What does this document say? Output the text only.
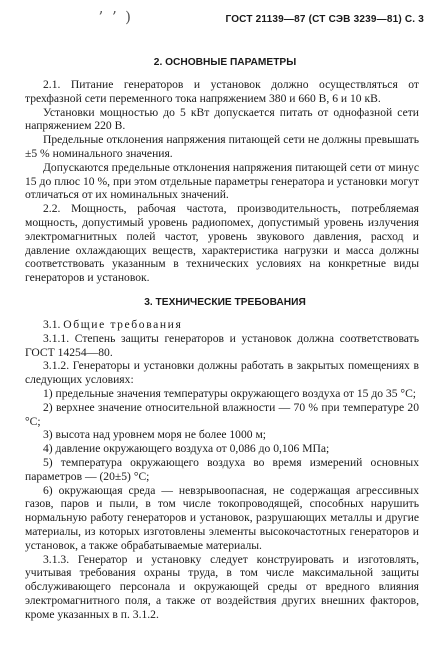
ʼ ʼ )	ГОСТ 21139—87 (СТ СЭВ 3239—81) С. 3
2. ОСНОВНЫЕ ПАРАМЕТРЫ

2.1. Питание генераторов и установок должно осуществляться от трехфазной сети переменного тока напряжением 380 и 660 В, 6 и 10 кВ.

Установки мощностью до 5 кВт допускается питать от однофазной сети напряжением 220 В.

Предельные отклонения напряжения питающей сети не должны превышать ±5 % номинального значения.

Допускаются предельные отклонения напряжения питающей сети от минус 15 до плюс 10 %, при этом отдельные параметры генератора и установки могут отличаться от их номинальных значений.

2.2. Мощность, рабочая частота, производительность, потребляемая мощность, допустимый уровень радиопомех, допустимый уровень излучения электромагнитных полей частот, уровень звукового давления, расход и давление охлаждающих веществ, характеристика нагрузки и масса должны соответствовать указанным в технических условиях на конкретные виды генераторов и установок.

3. ТЕХНИЧЕСКИЕ ТРЕБОВАНИЯ

3.1. Общие требования

3.1.1. Степень защиты генераторов и установок должна соответствовать ГОСТ 14254—80.

3.1.2. Генераторы и установки должны работать в закрытых помещениях в следующих условиях:

1) предельные значения температуры окружающего воздуха от 15 до 35 °C;

2) верхнее значение относительной влажности — 70 % при температуре 20 °C;

3) высота над уровнем моря не более 1000 м;

4) давление окружающего воздуха от 0,086 до 0,106 МПа;

5) температура окружающего воздуха во время измерений основных параметров — (20±5) °C;

6) окружающая среда — невзрывоопасная, не содержащая агрессивных газов, паров и пыли, в том числе токопроводящей, способных нарушить нормальную работу генераторов и установок, разрушающих металлы и другие материалы, из которых изготовлены элементы высокочастотных генераторов и установок, а также обрабатываемые материалы.

3.1.3. Генератор и установку следует конструировать и изготовлять, учитывая требования охраны труда, в том числе максимальной защиты обслуживающего персонала и окружающей среды от вредного влияния электромагнитного поля, а также от воздействия других внешних факторов, кроме указанных в п. 3.1.2.
